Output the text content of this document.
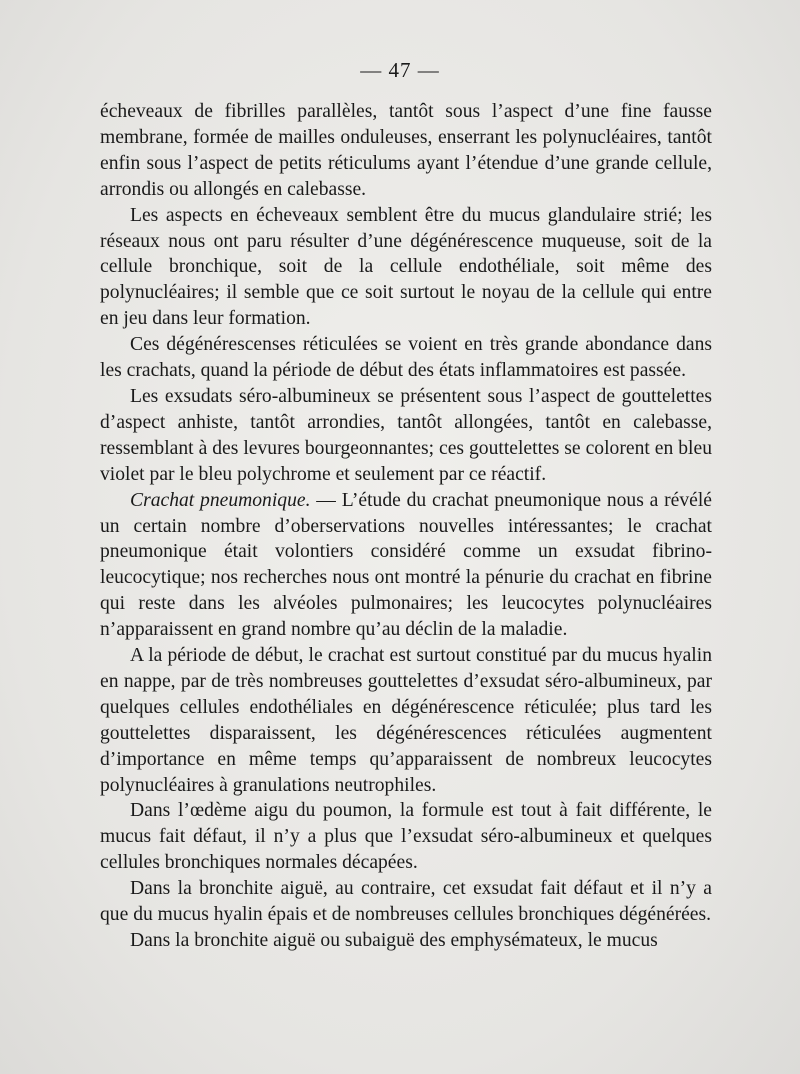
— 47 —

écheveaux de fibrilles parallèles, tantôt sous l’aspect d’une fine fausse membrane, formée de mailles onduleuses, enserrant les polynucléaires, tantôt enfin sous l’aspect de petits réticulums ayant l’étendue d’une grande cellule, arrondis ou allongés en calebasse.

Les aspects en écheveaux semblent être du mucus glandulaire strié; les réseaux nous ont paru résulter d’une dégénérescence muqueuse, soit de la cellule bronchique, soit de la cellule endothéliale, soit même des polynucléaires; il semble que ce soit surtout le noyau de la cellule qui entre en jeu dans leur formation.

Ces dégénérescenses réticulées se voient en très grande abondance dans les crachats, quand la période de début des états inflammatoires est passée.

Les exsudats séro-albumineux se présentent sous l’aspect de gouttelettes d’aspect anhiste, tantôt arrondies, tantôt allongées, tantôt en calebasse, ressemblant à des levures bourgeonnantes; ces gouttelettes se colorent en bleu violet par le bleu polychrome et seulement par ce réactif.

Crachat pneumonique. — L’étude du crachat pneumonique nous a révélé un certain nombre d’oberservations nouvelles intéressantes; le crachat pneumonique était volontiers considéré comme un exsudat fibrino-leucocytique; nos recherches nous ont montré la pénurie du crachat en fibrine qui reste dans les alvéoles pulmonaires; les leucocytes polynucléaires n’apparaissent en grand nombre qu’au déclin de la maladie.

A la période de début, le crachat est surtout constitué par du mucus hyalin en nappe, par de très nombreuses gouttelettes d’exsudat séro-albumineux, par quelques cellules endothéliales en dégénérescence réticulée; plus tard les gouttelettes disparaissent, les dégénérescences réticulées augmentent d’importance en même temps qu’apparaissent de nombreux leucocytes polynucléaires à granulations neutrophiles.

Dans l’œdème aigu du poumon, la formule est tout à fait différente, le mucus fait défaut, il n’y a plus que l’exsudat séro-albumineux et quelques cellules bronchiques normales décapées.

Dans la bronchite aiguë, au contraire, cet exsudat fait défaut et il n’y a que du mucus hyalin épais et de nombreuses cellules bronchiques dégénérées.

Dans la bronchite aiguë ou subaiguë des emphysémateux, le mucus
